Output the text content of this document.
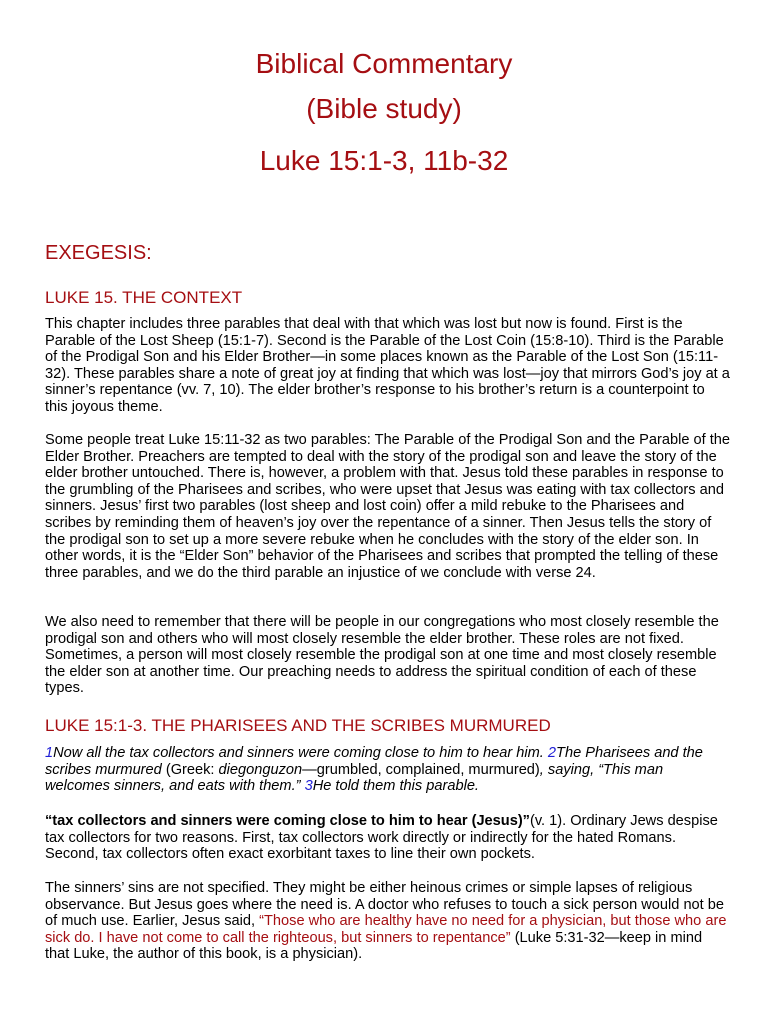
Biblical Commentary
(Bible study)
Luke 15:1-3, 11b-32
EXEGESIS:
LUKE 15. THE CONTEXT

This chapter includes three parables that deal with that which was lost but now is found. First is the Parable of the Lost Sheep (15:1-7). Second is the Parable of the Lost Coin (15:8-10). Third is the Parable of the Prodigal Son and his Elder Brother—in some places known as the Parable of the Lost Son (15:11-32). These parables share a note of great joy at finding that which was lost—joy that mirrors God’s joy at a sinner’s repentance (vv. 7, 10). The elder brother’s response to his brother’s return is a counterpoint to this joyous theme.

Some people treat Luke 15:11-32 as two parables: The Parable of the Prodigal Son and the Parable of the Elder Brother. Preachers are tempted to deal with the story of the prodigal son and leave the story of the elder brother untouched. There is, however, a problem with that. Jesus told these parables in response to the grumbling of the Pharisees and scribes, who were upset that Jesus was eating with tax collectors and sinners. Jesus’ first two parables (lost sheep and lost coin) offer a mild rebuke to the Pharisees and scribes by reminding them of heaven’s joy over the repentance of a sinner. Then Jesus tells the story of the prodigal son to set up a more severe rebuke when he concludes with the story of the elder son. In other words, it is the “Elder Son” behavior of the Pharisees and scribes that prompted the telling of these three parables, and we do the third parable an injustice of we conclude with verse 24.

We also need to remember that there will be people in our congregations who most closely resemble the prodigal son and others who will most closely resemble the elder brother. These roles are not fixed. Sometimes, a person will most closely resemble the prodigal son at one time and most closely resemble the elder son at another time. Our preaching needs to address the spiritual condition of each of these types.

LUKE 15:1-3. THE PHARISEES AND THE SCRIBES MURMURED

1Now all the tax collectors and sinners were coming close to him to hear him. 2The Pharisees and the scribes murmured (Greek: diegonguzon—grumbled, complained, murmured), saying, “This man welcomes sinners, and eats with them.” 3He told them this parable.

“tax collectors and sinners were coming close to him to hear (Jesus)”(v. 1). Ordinary Jews despise tax collectors for two reasons. First, tax collectors work directly or indirectly for the hated Romans. Second, tax collectors often exact exorbitant taxes to line their own pockets.

The sinners’ sins are not specified. They might be either heinous crimes or simple lapses of religious observance. But Jesus goes where the need is. A doctor who refuses to touch a sick person would not be of much use. Earlier, Jesus said, “Those who are healthy have no need for a physician, but those who are sick do. I have not come to call the righteous, but sinners to repentance” (Luke 5:31-32—keep in mind that Luke, the author of this book, is a physician).
